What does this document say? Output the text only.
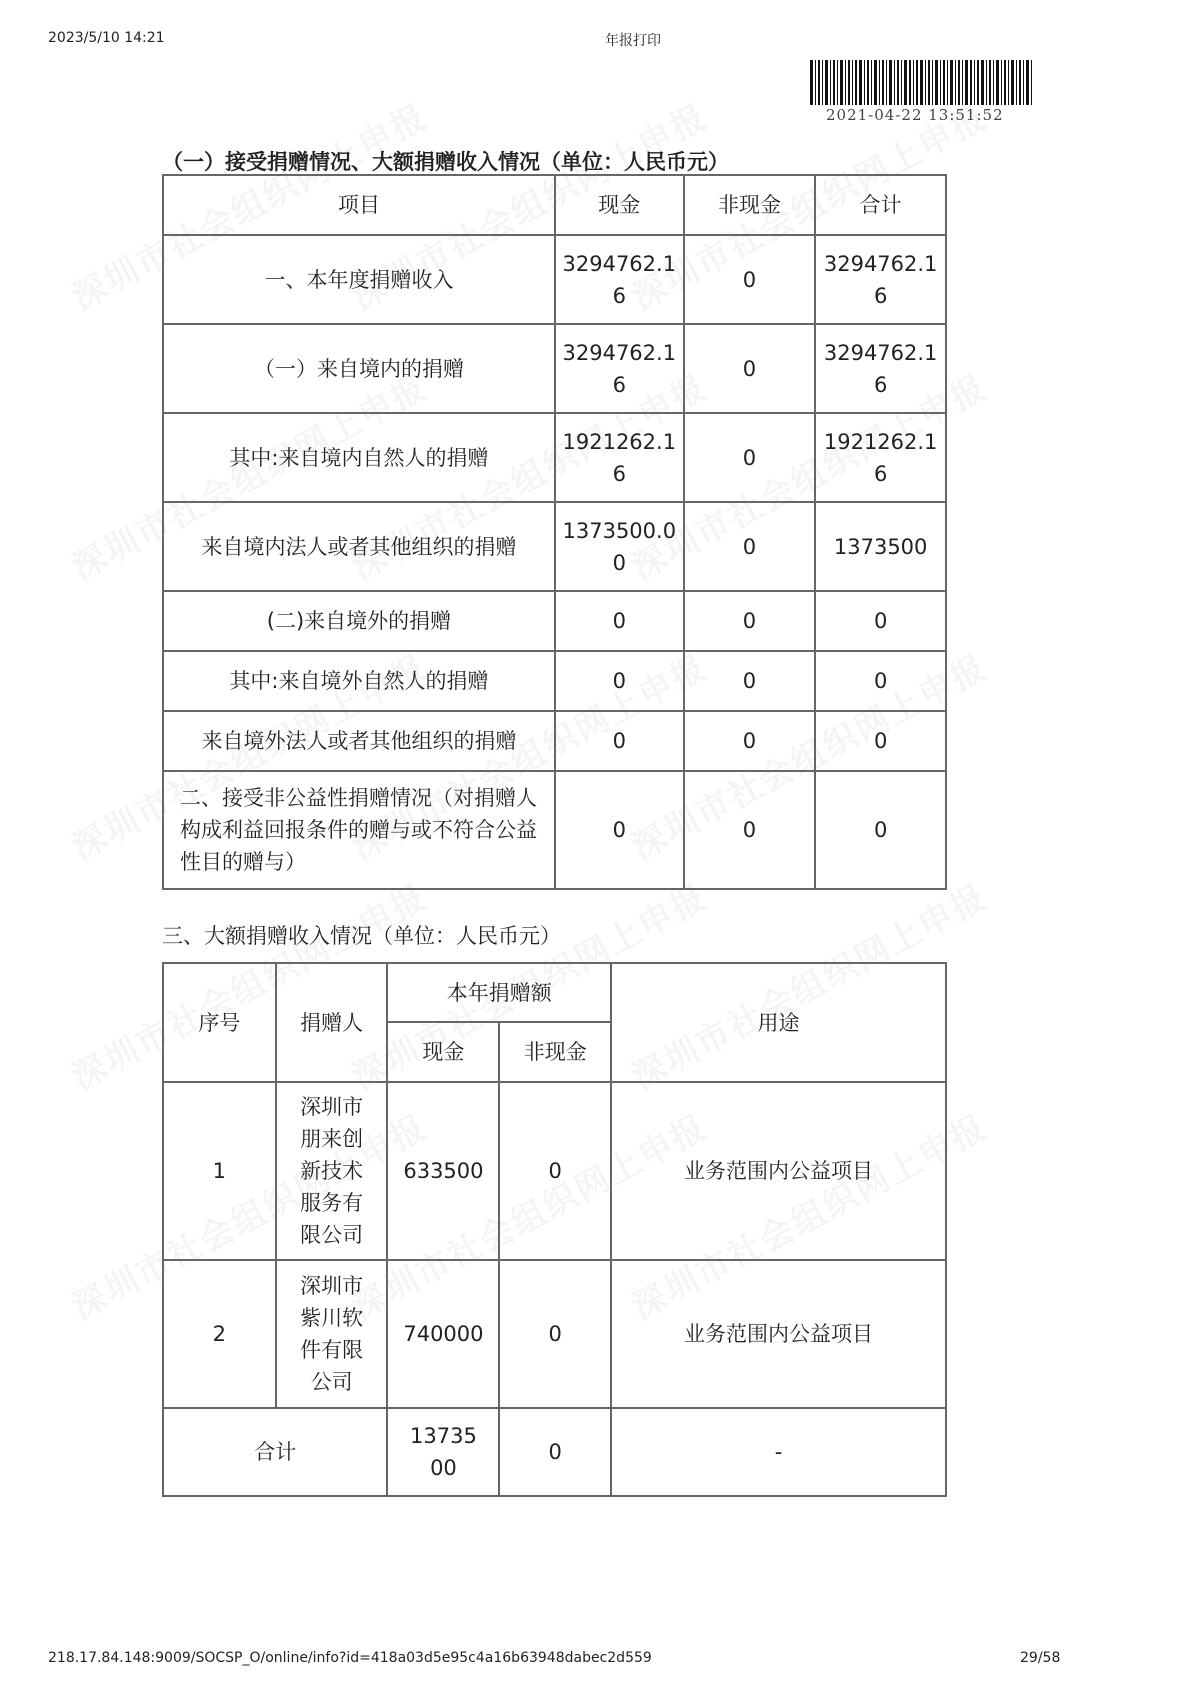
2023/5/10 14:21	年报打印
2021-04-22 13:51:52
（一）接受捐赠情况、大额捐赠收入情况（单位：人民币元）
项目	现金	非现金	合计
一、本年度捐赠收入	3294762.16	0	3294762.16
（一）来自境内的捐赠	3294762.16	0	3294762.16
其中:来自境内自然人的捐赠	1921262.16	0	1921262.16
来自境内法人或者其他组织的捐赠	1373500.00	0	1373500
(二)来自境外的捐赠	0	0	0
其中:来自境外自然人的捐赠	0	0	0
来自境外法人或者其他组织的捐赠	0	0	0
二、接受非公益性捐赠情况（对捐赠人构成利益回报条件的赠与或不符合公益性目的赠与）	0	0	0
三、大额捐赠收入情况（单位：人民币元）
序号	捐赠人	本年捐赠额		用途
		现金	非现金	
1	深圳市朋来创新技术服务有限公司	633500	0	业务范围内公益项目
2	深圳市紫川软件有限公司	740000	0	业务范围内公益项目
合计		1373500	0	-
218.17.84.148:9009/SOCSP_O/online/info?id=418a03d5e95c4a16b63948dabec2d559	29/58
